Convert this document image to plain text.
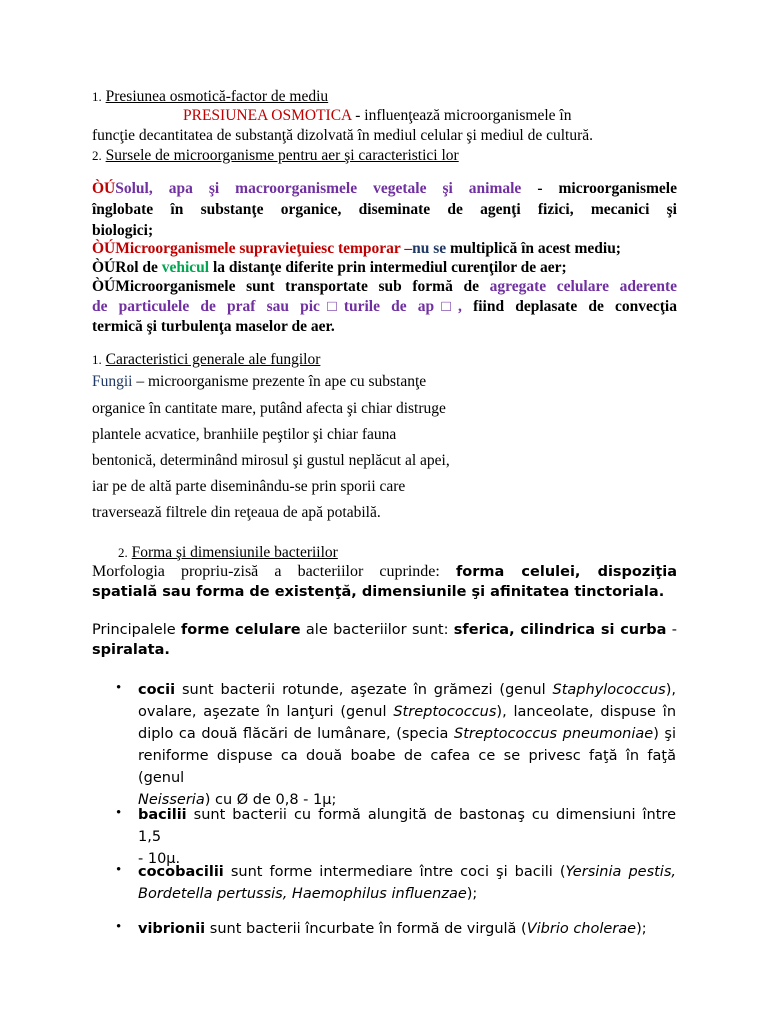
1. Presiunea osmotică-factor de mediu
PRESIUNEA OSMOTICA - influenţează microorganismele în
funcţie decantitatea de substanţă dizolvată în mediul celular şi mediul de cultură.
2. Sursele de microorganisme pentru aer şi caracteristici lor
ÒÚSolul, apa şi macroorganismele vegetale şi animale - microorganismele
înglobate în substanţe organice, diseminate de agenţi fizici, mecanici şi
biologici;
ÒÚMicroorganismele supravieţuiesc temporar –nu se multiplică în acest mediu;
ÒÚRol de vehicul la distanţe diferite prin intermediul curenţilor de aer;
ÒÚMicroorganismele sunt transportate sub formă de agregate celulare aderente
de particulele de praf sau pic□turile de ap□, fiind deplasate de convecţia
termică şi turbulenţa maselor de aer.
1. Caracteristici generale ale fungilor
Fungii – microorganisme prezente în ape cu substanţe
organice în cantitate mare, putând afecta şi chiar distruge
plantele acvatice, branhiile peştilor şi chiar fauna
bentonică, determinând mirosul şi gustul neplăcut al apei,
iar pe de altă parte diseminându-se prin sporii care
traversează filtrele din reţeaua de apă potabilă.
2. Forma şi dimensiunile bacteriilor
Morfologia propriu-zisă a bacteriilor cuprinde: forma celulei, dispoziţia
spatială sau forma de existenţă, dimensiunile şi afinitatea tinctoriala.
Principalele forme celulare ale bacteriilor sunt: sferica, cilindrica si curba -
spiralata.
• cocii sunt bacterii rotunde, aşezate în grămezi (genul Staphylococcus),
ovalare, aşezate în lanţuri (genul Streptococcus), lanceolate, dispuse în
diplo ca două flăcări de lumânare, (specia Streptococcus pneumoniae) şi
reniforme dispuse ca două boabe de cafea ce se privesc faţă în faţă (genul
Neisseria) cu Ø de 0,8 - 1µ;
• bacilii sunt bacterii cu formă alungită de bastonaş cu dimensiuni între 1,5
- 10µ.
• cocobacilii sunt forme intermediare între coci şi bacili (Yersinia pestis,
Bordetella pertussis, Haemophilus influenzae);
• vibrionii sunt bacterii încurbate în formă de virgulă (Vibrio cholerae);
